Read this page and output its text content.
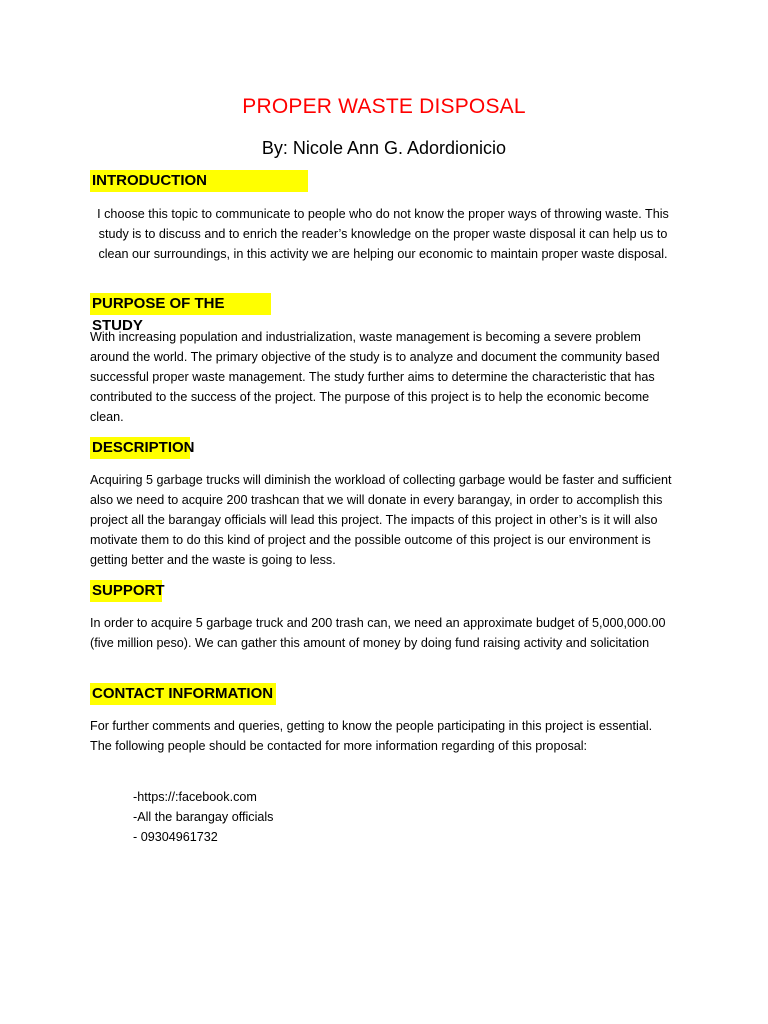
PROPER WASTE DISPOSAL
By: Nicole Ann G. Adordionicio
INTRODUCTION

I choose this topic to communicate to people who do not know the proper ways of throwing waste. This study is to discuss and to enrich the reader’s knowledge on the proper waste disposal it can help us to clean our surroundings, in this activity we are helping our economic to maintain proper waste disposal.

PURPOSE OF THE STUDY

With increasing population and industrialization, waste management is becoming a severe problem around the world. The primary objective of the study is to analyze and document the community based successful proper waste management. The study further aims to determine the characteristic that has contributed to the success of the project. The purpose of this project is to help the economic become clean.

DESCRIPTION

Acquiring 5 garbage trucks will diminish the workload of collecting garbage would be faster and sufficient also we need to acquire 200 trashcan that we will donate in every barangay, in order to accomplish this project all the barangay officials will lead this project. The impacts of this project in other’s is it will also motivate them to do this kind of project and the possible outcome of this project is our environment is getting better and the waste is going to less.

SUPPORT

In order to acquire 5 garbage truck and 200 trash can, we need an approximate budget of 5,000,000.00 (five million peso). We can gather this amount of money by doing fund raising activity and solicitation

CONTACT INFORMATION

For further comments and queries, getting to know the people participating in this project is essential. The following people should be contacted for more information regarding of this proposal:

-https://:facebook.com
-All the barangay officials
- 09304961732
